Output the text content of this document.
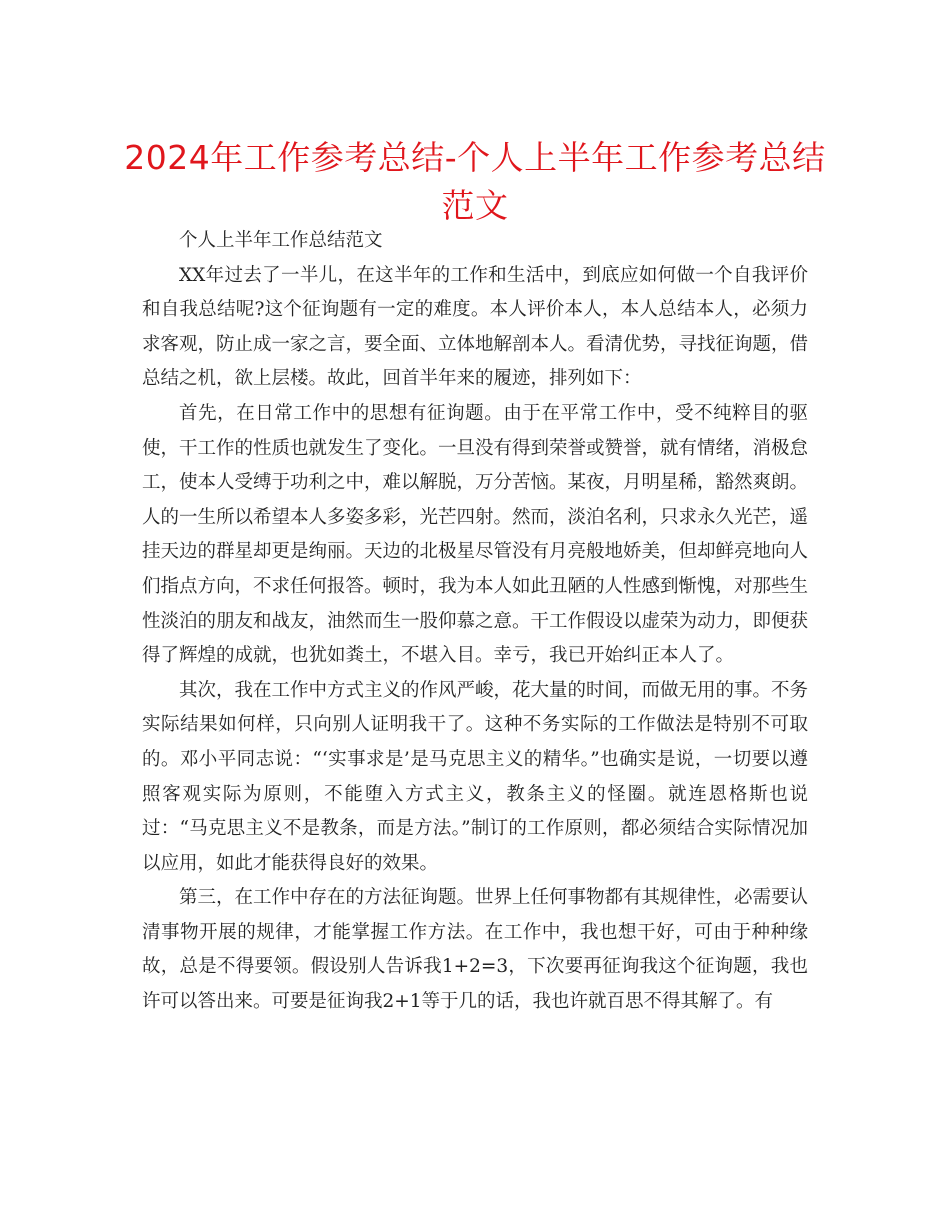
2024年工作参考总结-个人上半年工作参考总结范文

个人上半年工作总结范文

XX年过去了一半儿，在这半年的工作和生活中，到底应如何做一个自我评价和自我总结呢?这个征询题有一定的难度。本人评价本人，本人总结本人，必须力求客观，防止成一家之言，要全面、立体地解剖本人。看清优势，寻找征询题，借总结之机，欲上层楼。故此，回首半年来的履迹，排列如下：

首先，在日常工作中的思想有征询题。由于在平常工作中，受不纯粹目的驱使，干工作的性质也就发生了变化。一旦没有得到荣誉或赞誉，就有情绪，消极怠工，使本人受缚于功利之中，难以解脱，万分苦恼。某夜，月明星稀，豁然爽朗。人的一生所以希望本人多姿多彩，光芒四射。然而，淡泊名利，只求永久光芒，遥挂天边的群星却更是绚丽。天边的北极星尽管没有月亮般地娇美，但却鲜亮地向人们指点方向，不求任何报答。顿时，我为本人如此丑陋的人性感到惭愧，对那些生性淡泊的朋友和战友，油然而生一股仰慕之意。干工作假设以虚荣为动力，即便获得了辉煌的成就，也犹如粪土，不堪入目。幸亏，我已开始纠正本人了。

其次，我在工作中方式主义的作风严峻，花大量的时间，而做无用的事。不务实际结果如何样，只向别人证明我干了。这种不务实际的工作做法是特别不可取的。邓小平同志说：“‘实事求是’是马克思主义的精华。”也确实是说，一切要以遵照客观实际为原则，不能堕入方式主义，教条主义的怪圈。就连恩格斯也说过：“马克思主义不是教条，而是方法。”制订的工作原则，都必须结合实际情况加以应用，如此才能获得良好的效果。

第三，在工作中存在的方法征询题。世界上任何事物都有其规律性，必需要认清事物开展的规律，才能掌握工作方法。在工作中，我也想干好，可由于种种缘故，总是不得要领。假设别人告诉我1+2=3，下次要再征询我这个征询题，我也许可以答出来。可要是征询我2+1等于几的话，我也许就百思不得其解了。有
